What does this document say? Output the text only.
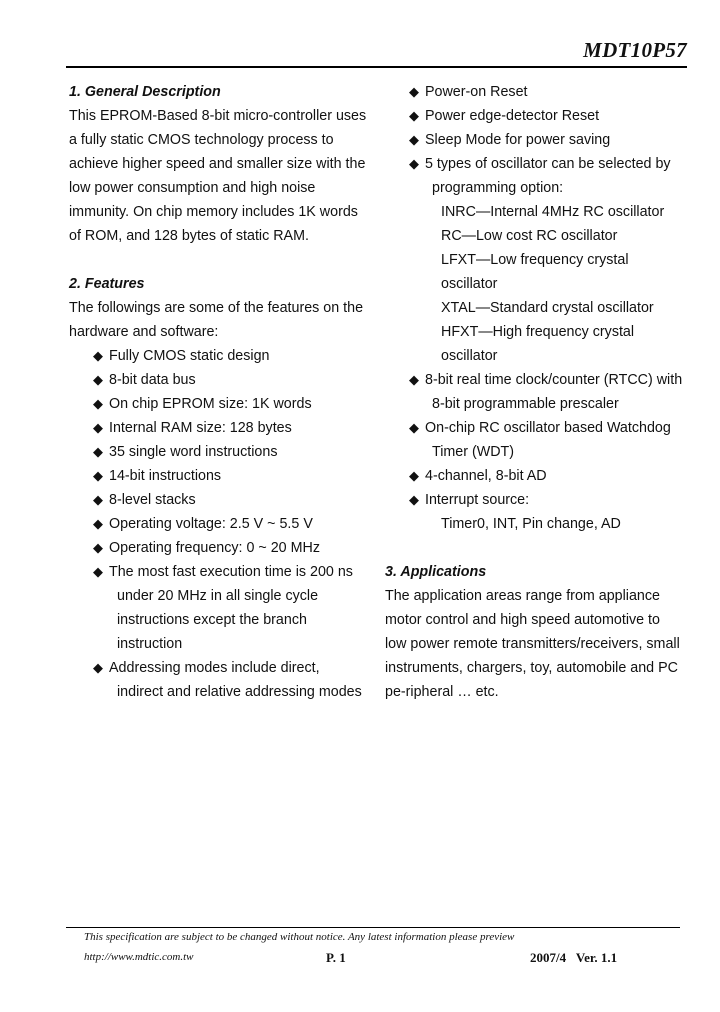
MDT10P57
1. General Description
This EPROM-Based 8-bit micro-controller uses
a fully static CMOS technology process to
achieve higher speed and smaller size with the
low power consumption and high noise
immunity. On chip memory includes 1K words
of ROM, and 128 bytes of static RAM.
2. Features
The followings are some of the features on the
hardware and software:
◆ Fully CMOS static design
◆ 8-bit data bus
◆ On chip EPROM size: 1K words
◆ Internal RAM size: 128 bytes
◆ 35 single word instructions
◆ 14-bit instructions
◆ 8-level stacks
◆ Operating voltage: 2.5 V ~ 5.5 V
◆ Operating frequency: 0 ~ 20 MHz
◆ The most fast execution time is 200 ns
under 20 MHz in all single cycle
instructions except the branch
instruction
◆ Addressing modes include direct,
indirect and relative addressing modes
◆ Power-on Reset
◆ Power edge-detector Reset
◆ Sleep Mode for power saving
◆ 5 types of oscillator can be selected by
programming option:
INRC—Internal 4MHz RC oscillator
RC—Low cost RC oscillator
LFXT—Low frequency crystal
oscillator
XTAL—Standard crystal oscillator
HFXT—High frequency crystal
oscillator
◆ 8-bit real time clock/counter (RTCC) with
8-bit programmable prescaler
◆ On-chip RC oscillator based Watchdog
Timer (WDT)
◆ 4-channel, 8-bit AD
◆ Interrupt source:
Timer0, INT, Pin change, AD
3. Applications
The application areas range from appliance
motor control and high speed automotive to
low power remote transmitters/receivers, small
instruments, chargers, toy, automobile and PC
pe-ripheral … etc.
This specification are subject to be changed without notice. Any latest information please preview
http://www.mdtic.com.tw	P. 1	2007/4 Ver. 1.1
